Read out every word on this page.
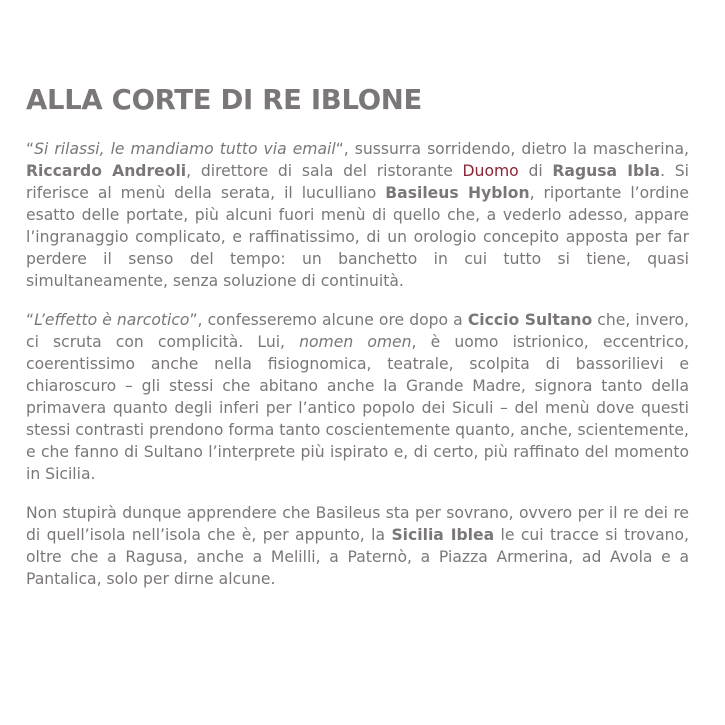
ALLA CORTE DI RE IBLONE

“Si rilassi, le mandiamo tutto via email“, sussurra sorridendo, dietro la mascherina, Riccardo Andreoli, direttore di sala del ristorante Duomo di Ragusa Ibla. Si riferisce al menù della serata, il luculliano Basileus Hyblon, riportante l’ordine esatto delle portate, più alcuni fuori menù di quello che, a vederlo adesso, appare l’ingranaggio complicato, e raffinatissimo, di un orologio concepito apposta per far perdere il senso del tempo: un banchetto in cui tutto si tiene, quasi simultaneamente, senza soluzione di continuità.

“L’effetto è narcotico”, confesseremo alcune ore dopo a Ciccio Sultano che, invero, ci scruta con complicità. Lui, nomen omen, è uomo istrionico, eccentrico, coerentissimo anche nella fisiognomica, teatrale, scolpita di bassorilievi e chiaroscuro – gli stessi che abitano anche la Grande Madre, signora tanto della primavera quanto degli inferi per l’antico popolo dei Siculi – del menù dove questi stessi contrasti prendono forma tanto coscientemente quanto, anche, scientemente, e che fanno di Sultano l’interprete più ispirato e, di certo, più raffinato del momento in Sicilia.

Non stupirà dunque apprendere che Basileus sta per sovrano, ovvero per il re dei re di quell’isola nell’isola che è, per appunto, la Sicilia Iblea le cui tracce si trovano, oltre che a Ragusa, anche a Melilli, a Paternò, a Piazza Armerina, ad Avola e a Pantalica, solo per dirne alcune.
